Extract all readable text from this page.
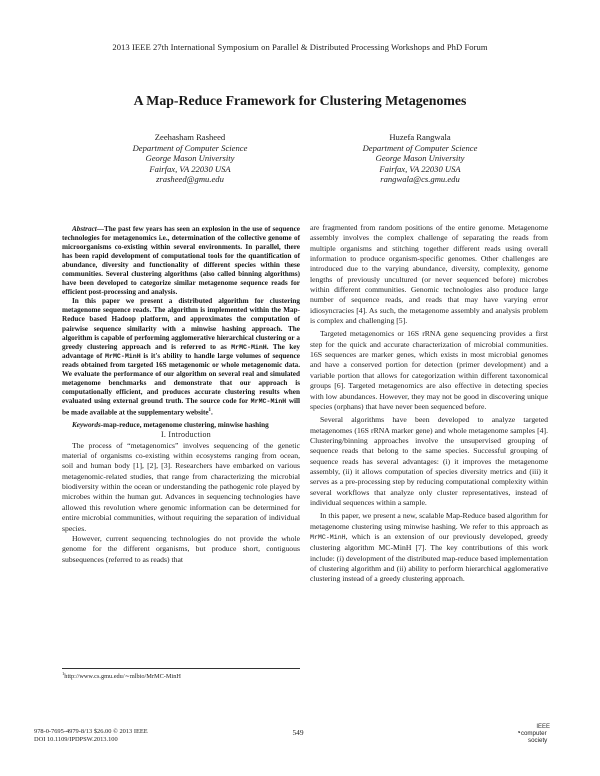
2013 IEEE 27th International Symposium on Parallel & Distributed Processing Workshops and PhD Forum
A Map-Reduce Framework for Clustering Metagenomes
Zeehasham Rasheed
Department of Computer Science
George Mason University
Fairfax, VA 22030 USA
zrasheed@gmu.edu
Huzefa Rangwala
Department of Computer Science
George Mason University
Fairfax, VA 22030 USA
rangwala@cs.gmu.edu

Abstract—The past few years has seen an explosion in the use of sequence technologies for metagenomics i.e., determination of the collective genome of microorganisms co-existing within several environments. In parallel, there has been rapid development of computational tools for the quantification of abundance, diversity and functionality of different species within these communities. Several clustering algorithms (also called binning algorithms) have been developed to categorize similar metagenome sequence reads for efficient post-processing and analysis.

In this paper we present a distributed algorithm for clustering metagenome sequence reads. The algorithm is implemented within the Map-Reduce based Hadoop platform, and approximates the computation of pairwise sequence similarity with a minwise hashing approach. The algorithm is capable of performing agglomerative hierarchical clustering or a greedy clustering approach and is referred to as MrMC-MinH. The key advantage of MrMC-MinH is it's ability to handle large volumes of sequence reads obtained from targeted 16S metagenomic or whole metagenomic data. We evaluate the performance of our algorithm on several real and simulated metagenome benchmarks and demonstrate that our approach is computationally efficient, and produces accurate clustering results when evaluated using external ground truth. The source code for MrMC-MinH will be made available at the supplementary website$^1$.

Keywords-map-reduce, metagenome clustering, minwise hashing

I. Introduction

The process of “metagenomics” involves sequencing of the genetic material of organisms co-existing within ecosystems ranging from ocean, soil and human body [1], [2], [3]. Researchers have embarked on various metagenomic-related studies, that range from characterizing the microbial biodiversity within the ocean or understanding the pathogenic role played by microbes within the human gut. Advances in sequencing technologies have allowed this revolution where genomic information can be determined for entire microbial communities, without requiring the separation of individual species.

However, current sequencing technologies do not provide the whole genome for the different organisms, but produce short, contiguous subsequences (referred to as reads) that

$^1$http://www.cs.gmu.edu/∼mlbio/MrMC-MinH

are fragmented from random positions of the entire genome. Metagenome assembly involves the complex challenge of separating the reads from multiple organisms and stitching together different reads using overall information to produce organism-specific genomes. Other challenges are introduced due to the varying abundance, diversity, complexity, genome lengths of previously uncultured (or never sequenced before) microbes within different communities. Genomic technologies also produce large number of sequence reads, and reads that may have varying error idiosyncracies [4]. As such, the metagenome assembly and analysis problem is complex and challenging [5].

Targeted metagenomics or 16S rRNA gene sequencing provides a first step for the quick and accurate characterization of microbial communities. 16S sequences are marker genes, which exists in most microbial genomes and have a conserved portion for detection (primer development) and a variable portion that allows for categorization within different taxonomical groups [6]. Targeted metagenomics are also effective in detecting species with low abundances. However, they may not be good in discovering unique species (orphans) that have never been sequenced before.

Several algorithms have been developed to analyze targeted metagenomes (16S rRNA marker gene) and whole metagenome samples [4]. Clustering/binning approaches involve the unsupervised grouping of sequence reads that belong to the same species. Successful grouping of sequence reads has several advantages: (i) it improves the metagenome assembly, (ii) it allows computation of species diversity metrics and (iii) it serves as a pre-processing step by reducing computational complexity within several workflows that analyze only cluster representatives, instead of individual sequences within a sample.

In this paper, we present a new, scalable Map-Reduce based algorithm for metagenome clustering using minwise hashing. We refer to this approach as MrMC-MinH, which is an extension of our previously developed, greedy clustering algorithm MC-MinH [7]. The key contributions of this work include: (i) development of the distributed map-reduce based implementation of clustering algorithm and (ii) ability to perform hierarchical agglomerative clustering instead of a greedy clustering approach.

978-0-7695-4979-8/13 $26.00 © 2013 IEEE
DOI 10.1109/IPDPSW.2013.100
549
IEEE
◔computer
society
